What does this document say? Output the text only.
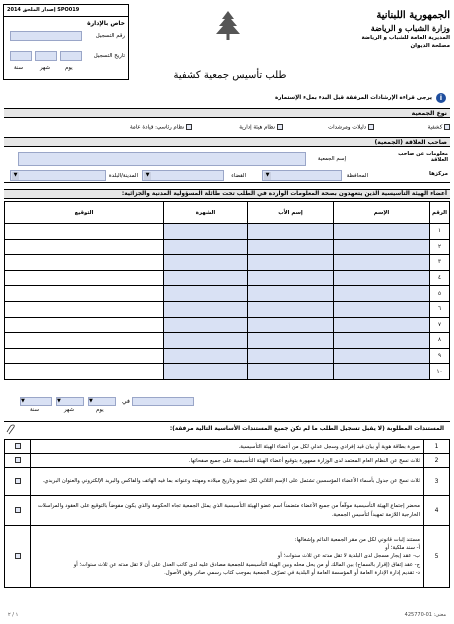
2014 إصدار الملحق SPO019
خاص بالإدارة
رقم التسجيل
تاريخ التسجيل
سنة	شهر	يوم
الجمهورية اللبنانية
وزارة الشباب و الرياضة
المديرية العامة للشباب و الرياضة
مصلحة الديوان
طلب تأسيس جمعية كشفية
i
يرجى قراءة الإرشادات المرفقة قبل البدء بملء الإستمارة
نوع الجمعية
كشفية
دليلات ومرشدات
نظام هيئة إدارية
نظام رئاسي: قيادة عامة
صاحب العلاقة (الجمعية)
معلومات عن صاحب العلاقة
إسم الجمعية
مركزها
المحافظة
▼
القضاء
▼
المدينة/البلدة
▼
أعضاء الهيئة التأسيسية الذين يتعهدون بصحة المعلومات الواردة في الطلب تحت طائلة المسؤولية المدنية والجزائية:
الرقم	الإسم	إسم الأب	الشهرة	التوقيع
١				
٢				
٣				
٤				
٥				
٦				
٧				
٨				
٩				
١٠				
▼	▼	▼
سنة	شهر	يوم
في
المستندات المطلوبة (لا يقبل تسجيل الطلب ما لم تكن جميع المستندات الأساسية التالية مرفقة):
1	صورة بطاقة هوية أو بيان قيد إفرادي وسجل عدلي لكل من أعضاء الهيئة التأسيسية.	
2	ثلاث نسخ عن النظام العام المعتمد لدى الوزارة ممهورة بتوقيع أعضاء الهيئة التأسيسية على جميع صفحاتها.	
3	ثلاث نسخ عن جدول بأسماء الأعضاء المؤسسين تشتمل على الإسم الثلاثي لكل عضو وتاريخ ميلاده ومهنته وعنوانه بما فيه الهاتف والفاكس والبريد الإلكتروني والعنوان البريدي.	
4	محضر إجتماع الهيئة التأسيسية موقّعاً من جميع الأعضاء متضمناً اسم عضو الهيئة التأسيسية الذي يمثل الجمعية تجاه الحكومة والذي يكون مفوضاً بالتوقيع على العقود والمراسلات الخارجية اللازمة تمهيداً لتأسيس الجمعية.	
5	مستند إثبات قانوني لكل من مقر الجمعية الدائم وإشغالها:
أ- سند ملكية؛ أو
ب- عقد إيجار مسجل لدى البلدية لا تقل مدته عن ثلاث سنوات؛ أو
ج- عقد إتفاق (إقرار بالسماح) بين المالك أو من يحل محله وبين الهيئة التأسيسية للجمعية مصادق عليه لدى كاتب العدل على أن لا تقل مدته عن ثلاث سنوات؛ أو
د- تقديم إدارة الإدارة العامة أو المؤسسة العامة أو البلدية في تصرّف الجمعية بموجب كتاب رسمي صادر وفق الأصول.	

معنى: 01-425770
١ / ٢
